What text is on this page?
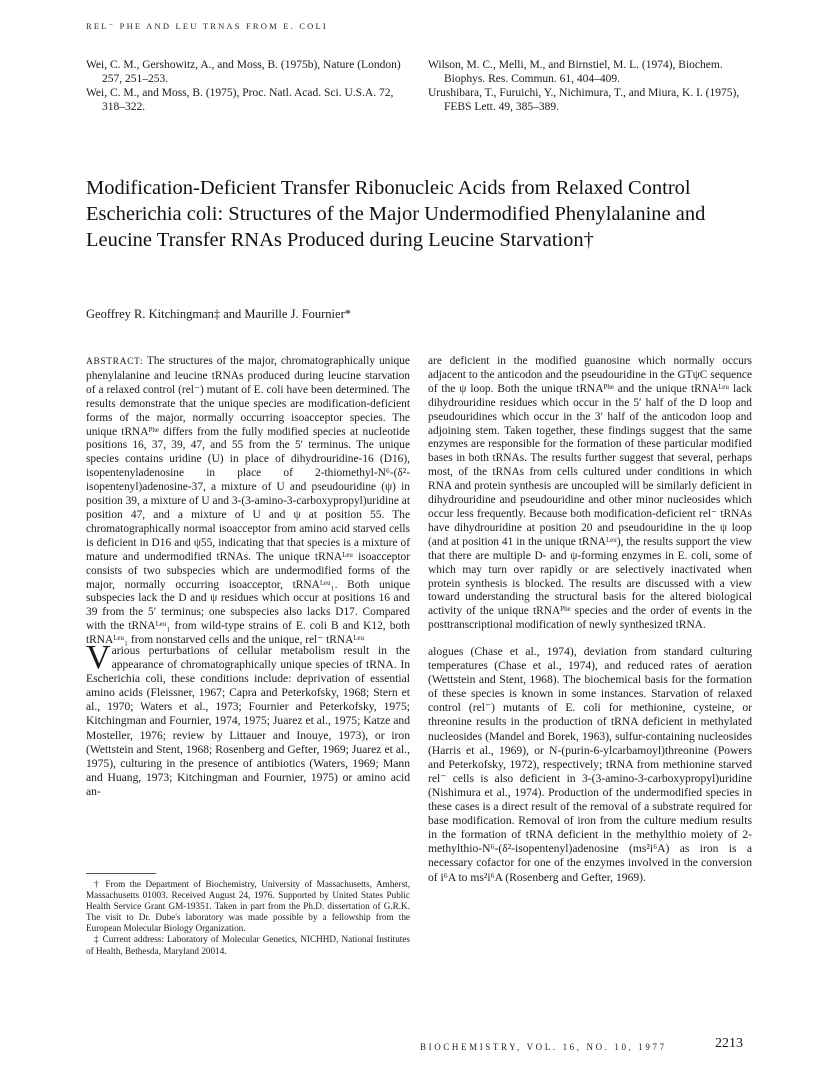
REL⁻ PHE AND LEU TRNAS FROM E. COLI

Wei, C. M., Gershowitz, A., and Moss, B. (1975b), Nature (London) 257, 251–253.

Wei, C. M., and Moss, B. (1975), Proc. Natl. Acad. Sci. U.S.A. 72, 318–322.

Wilson, M. C., Melli, M., and Birnstiel, M. L. (1974), Biochem. Biophys. Res. Commun. 61, 404–409.

Urushibara, T., Furuichi, Y., Nichimura, T., and Miura, K. I. (1975), FEBS Lett. 49, 385–389.

Modification-Deficient Transfer Ribonucleic Acids from Relaxed Control Escherichia coli: Structures of the Major Undermodified Phenylalanine and Leucine Transfer RNAs Produced during Leucine Starvation†
Geoffrey R. Kitchingman‡ and Maurille J. Fournier*

ABSTRACT: The structures of the major, chromatographically unique phenylalanine and leucine tRNAs produced during leucine starvation of a relaxed control (rel⁻) mutant of E. coli have been determined. The results demonstrate that the unique species are modification-deficient forms of the major, normally occurring isoacceptor species. The unique tRNAᴾʰᵉ differs from the fully modified species at nucleotide positions 16, 37, 39, 47, and 55 from the 5′ terminus. The unique species contains uridine (U) in place of dihydrouridine-16 (D16), isopentenyladenosine in place of 2-thiomethyl-N⁶-(δ²-isopentenyl)adenosine-37, a mixture of U and pseudouridine (ψ) in position 39, a mixture of U and 3-(3-amino-3-carboxypropyl)uridine at position 47, and a mixture of U and ψ at position 55. The chromatographically normal isoacceptor from amino acid starved cells is deficient in D16 and ψ55, indicating that that species is a mixture of mature and undermodified tRNAs. The unique tRNAᴸᵉᵘ isoacceptor consists of two subspecies which are undermodified forms of the major, normally occurring isoacceptor, tRNAᴸᵉᵘ₁. Both unique subspecies lack the D and ψ residues which occur at positions 16 and 39 from the 5′ terminus; one subspecies also lacks D17. Compared with the tRNAᴸᵉᵘ₁ from wild-type strains of E. coli B and K12, both tRNAᴸᵉᵘ₁ from nonstarved cells and the unique, rel⁻ tRNAᴸᵉᵘ

are deficient in the modified guanosine which normally occurs adjacent to the anticodon and the pseudouridine in the GTψC sequence of the ψ loop. Both the unique tRNAᴾʰᵉ and the unique tRNAᴸᵉᵘ lack dihydrouridine residues which occur in the 5′ half of the D loop and pseudouridines which occur in the 3′ half of the anticodon loop and adjoining stem. Taken together, these findings suggest that the same enzymes are responsible for the formation of these particular modified bases in both tRNAs. The results further suggest that several, perhaps most, of the tRNAs from cells cultured under conditions in which RNA and protein synthesis are uncoupled will be similarly deficient in dihydrouridine and pseudouridine and other minor nucleosides which occur less frequently. Because both modification-deficient rel⁻ tRNAs have dihydrouridine at position 20 and pseudouridine in the ψ loop (and at position 41 in the unique tRNAᴸᵉᵘ), the results support the view that there are multiple D- and ψ-forming enzymes in E. coli, some of which may turn over rapidly or are selectively inactivated when protein synthesis is blocked. The results are discussed with a view toward understanding the structural basis for the altered biological activity of the unique tRNAᴾʰᵉ species and the order of events in the posttranscriptional modification of newly synthesized tRNA.

Various perturbations of cellular metabolism result in the appearance of chromatographically unique species of tRNA. In Escherichia coli, these conditions include: deprivation of essential amino acids (Fleissner, 1967; Capra and Peterkofsky, 1968; Stern et al., 1970; Waters et al., 1973; Fournier and Peterkofsky, 1975; Kitchingman and Fournier, 1974, 1975; Juarez et al., 1975; Katze and Mosteller, 1976; review by Littauer and Inouye, 1973), or iron (Wettstein and Stent, 1968; Rosenberg and Gefter, 1969; Juarez et al., 1975), culturing in the presence of antibiotics (Waters, 1969; Mann and Huang, 1973; Kitchingman and Fournier, 1975) or amino acid an-

† From the Department of Biochemistry, University of Massachusetts, Amherst, Massachusetts 01003. Received August 24, 1976. Supported by United States Public Health Service Grant GM-19351. Taken in part from the Ph.D. dissertation of G.R.K. The visit to Dr. Dube's laboratory was made possible by a fellowship from the European Molecular Biology Organization.

‡ Current address: Laboratory of Molecular Genetics, NICHHD, National Institutes of Health, Bethesda, Maryland 20014.

alogues (Chase et al., 1974), deviation from standard culturing temperatures (Chase et al., 1974), and reduced rates of aeration (Wettstein and Stent, 1968). The biochemical basis for the formation of these species is known in some instances. Starvation of relaxed control (rel⁻) mutants of E. coli for methionine, cysteine, or threonine results in the production of tRNA deficient in methylated nucleosides (Mandel and Borek, 1963), sulfur-containing nucleosides (Harris et al., 1969), or N-(purin-6-ylcarbamoyl)threonine (Powers and Peterkofsky, 1972), respectively; tRNA from methionine starved rel⁻ cells is also deficient in 3-(3-amino-3-carboxypropyl)uridine (Nishimura et al., 1974). Production of the undermodified species in these cases is a direct result of the removal of a substrate required for base modification. Removal of iron from the culture medium results in the formation of tRNA deficient in the methylthio moiety of 2-methylthio-N⁶-(δ²-isopentenyl)adenosine (ms²i⁶A) as iron is a necessary cofactor for one of the enzymes involved in the conversion of i⁶A to ms²i⁶A (Rosenberg and Gefter, 1969).

BIOCHEMISTRY, VOL. 16, NO. 10, 1977	2213
